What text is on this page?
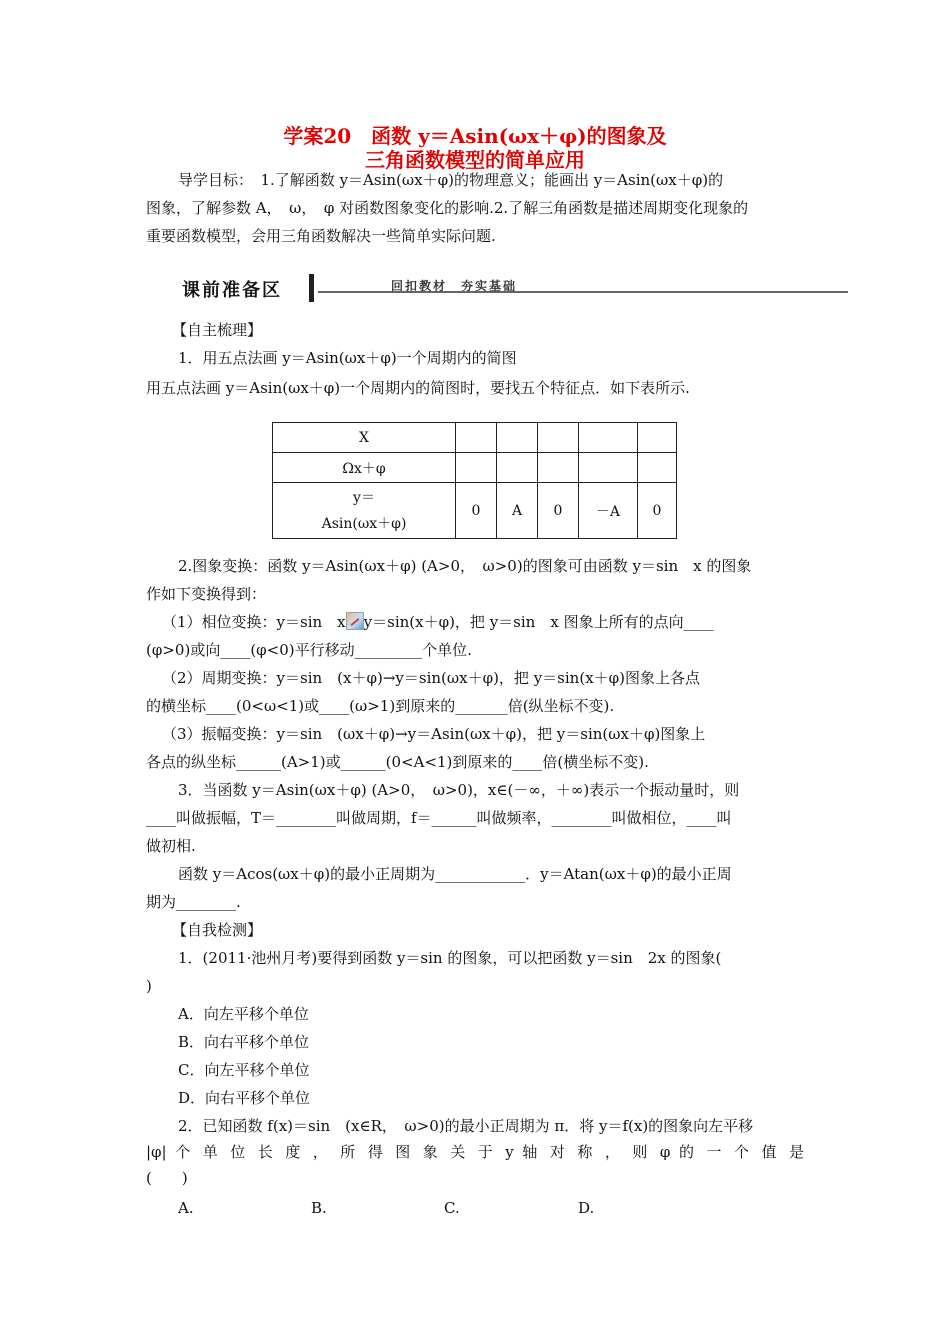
学案20　函数 y＝Asin(ωx＋φ)的图象及
三角函数模型的简单应用
导学目标：　1.了解函数 y＝Asin(ωx＋φ)的物理意义；能画出 y＝Asin(ωx＋φ)的
图象，了解参数 A，　ω，　φ 对函数图象变化的影响.2.了解三角函数是描述周期变化现象的
重要函数模型，会用三角函数解决一些简单实际问题.
课前准备区	回扣教材　夯实基础
【自主梳理】
1．用五点法画 y＝Asin(ωx＋φ)一个周期内的简图
用五点法画 y＝Asin(ωx＋φ)一个周期内的简图时，要找五个特征点．如下表所示.
X					
Ωx＋φ					

y＝
Asin(ωx＋φ)	0	A	0	－A	0
2.图象变换：函数 y＝Asin(ωx＋φ) (A>0，　ω>0)的图象可由函数 y＝sin　x 的图象
作如下变换得到：
（1）相位变换：y＝sin　x y＝sin(x＋φ)，把 y＝sin　x 图象上所有的点向____
(φ>0)或向____(φ<0)平行移动_________个单位.
（2）周期变换：y＝sin　(x＋φ)→y＝sin(ωx＋φ)，把 y＝sin(x＋φ)图象上各点
的横坐标____(0<ω<1)或____(ω>1)到原来的_______倍(纵坐标不变).
（3）振幅变换：y＝sin　(ωx＋φ)→y＝Asin(ωx＋φ)，把 y＝sin(ωx＋φ)图象上
各点的纵坐标______(A>1)或______(0<A<1)到原来的____倍(横坐标不变).
3．当函数 y＝Asin(ωx＋φ) (A>0，　ω>0)，x∈(－∞，＋∞)表示一个振动量时，则
____叫做振幅，T＝________叫做周期，f＝______叫做频率，________叫做相位，____叫
做初相.
函数 y＝Acos(ωx＋φ)的最小正周期为____________．y＝Atan(ωx＋φ)的最小正周
期为________.
【自我检测】
1．(2011·池州月考)要得到函数 y＝sin 的图象，可以把函数 y＝sin　2x 的图象(
)
A．向左平移个单位
B．向右平移个单位
C．向左平移个单位
D．向右平移个单位
2．已知函数 f(x)＝sin　(x∈R，　ω>0)的最小正周期为 π．将 y＝f(x)的图象向左平移
|φ| 个 单 位 长 度 ， 所 得 图 象 关 于 y 轴 对 称 ， 则 φ 的 一 个 值 是
(　　)
A.	B.	C.	D.
